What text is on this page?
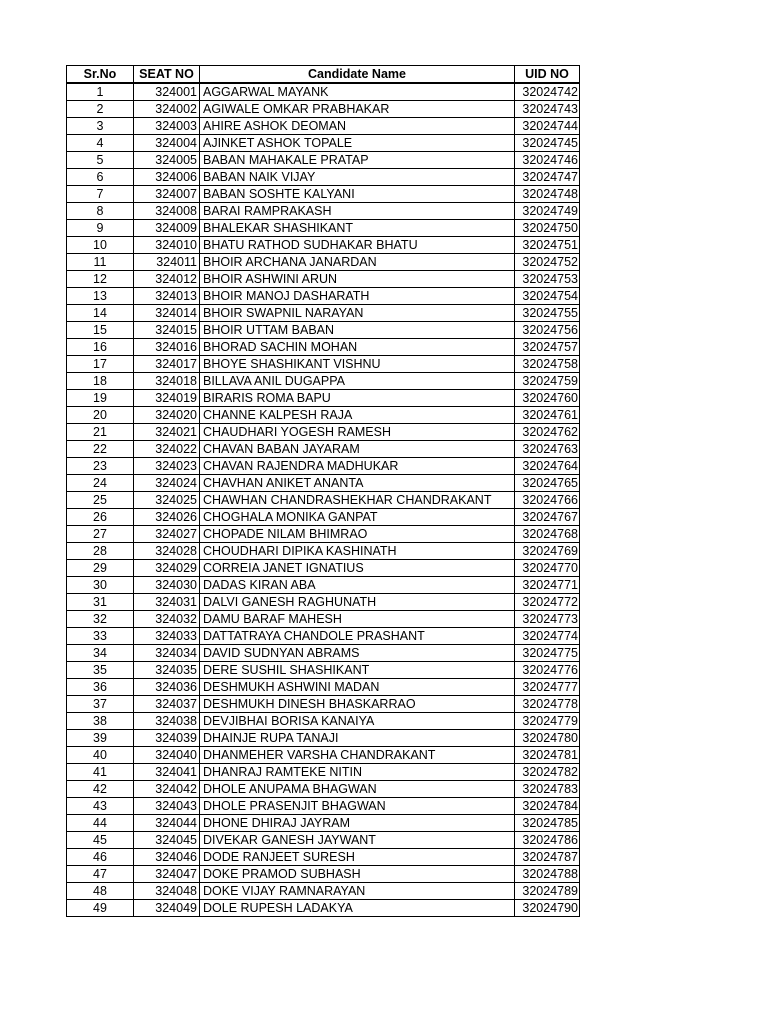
Sr.No	SEAT NO	Candidate Name	UID NO
1	324001	AGGARWAL MAYANK	32024742
2	324002	AGIWALE OMKAR PRABHAKAR	32024743
3	324003	AHIRE ASHOK DEOMAN	32024744
4	324004	AJINKET ASHOK TOPALE	32024745
5	324005	BABAN MAHAKALE PRATAP	32024746
6	324006	BABAN NAIK VIJAY	32024747
7	324007	BABAN SOSHTE KALYANI	32024748
8	324008	BARAI RAMPRAKASH	32024749
9	324009	BHALEKAR SHASHIKANT	32024750
10	324010	BHATU RATHOD SUDHAKAR BHATU	32024751
11	324011	BHOIR ARCHANA JANARDAN	32024752
12	324012	BHOIR ASHWINI ARUN	32024753
13	324013	BHOIR MANOJ DASHARATH	32024754
14	324014	BHOIR SWAPNIL NARAYAN	32024755
15	324015	BHOIR UTTAM BABAN	32024756
16	324016	BHORAD SACHIN MOHAN	32024757
17	324017	BHOYE SHASHIKANT VISHNU	32024758
18	324018	BILLAVA ANIL DUGAPPA	32024759
19	324019	BIRARIS ROMA BAPU	32024760
20	324020	CHANNE KALPESH RAJA	32024761
21	324021	CHAUDHARI YOGESH RAMESH	32024762
22	324022	CHAVAN BABAN JAYARAM	32024763
23	324023	CHAVAN RAJENDRA MADHUKAR	32024764
24	324024	CHAVHAN ANIKET ANANTA	32024765
25	324025	CHAWHAN CHANDRASHEKHAR CHANDRAKANT	32024766
26	324026	CHOGHALA MONIKA GANPAT	32024767
27	324027	CHOPADE NILAM BHIMRAO	32024768
28	324028	CHOUDHARI DIPIKA KASHINATH	32024769
29	324029	CORREIA JANET IGNATIUS	32024770
30	324030	DADAS KIRAN ABA	32024771
31	324031	DALVI GANESH RAGHUNATH	32024772
32	324032	DAMU BARAF MAHESH	32024773
33	324033	DATTATRAYA CHANDOLE PRASHANT	32024774
34	324034	DAVID SUDNYAN ABRAMS	32024775
35	324035	DERE SUSHIL SHASHIKANT	32024776
36	324036	DESHMUKH ASHWINI MADAN	32024777
37	324037	DESHMUKH DINESH BHASKARRAO	32024778
38	324038	DEVJIBHAI BORISA KANAIYA	32024779
39	324039	DHAINJE RUPA TANAJI	32024780
40	324040	DHANMEHER VARSHA CHANDRAKANT	32024781
41	324041	DHANRAJ RAMTEKE NITIN	32024782
42	324042	DHOLE ANUPAMA BHAGWAN	32024783
43	324043	DHOLE PRASENJIT BHAGWAN	32024784
44	324044	DHONE DHIRAJ JAYRAM	32024785
45	324045	DIVEKAR GANESH JAYWANT	32024786
46	324046	DODE RANJEET SURESH	32024787
47	324047	DOKE PRAMOD SUBHASH	32024788
48	324048	DOKE VIJAY RAMNARAYAN	32024789
49	324049	DOLE RUPESH LADAKYA	32024790
